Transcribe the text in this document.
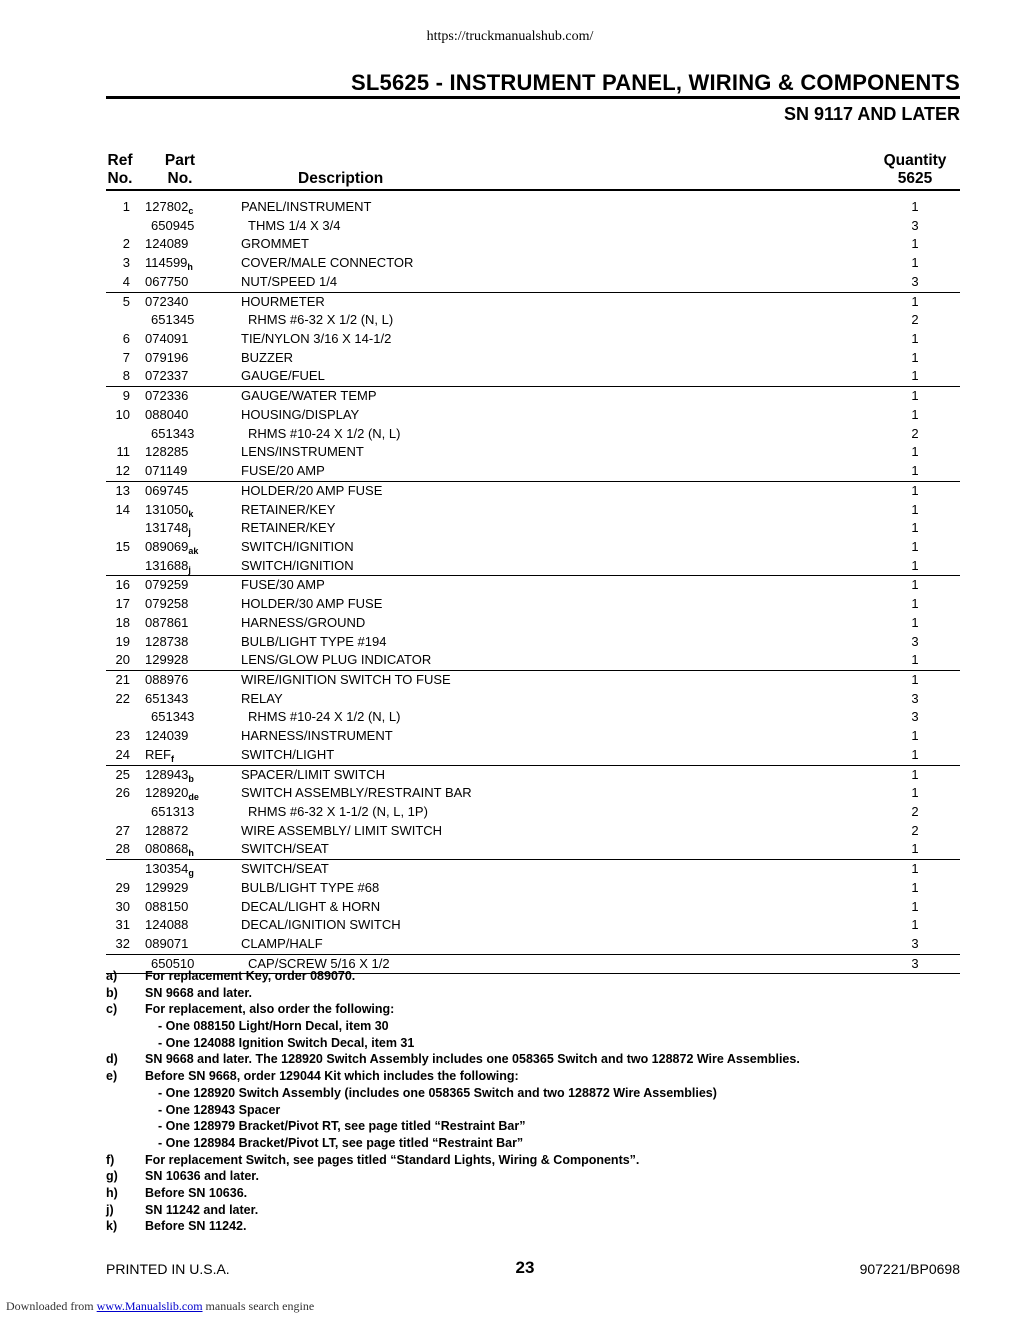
https://truckmanualshub.com/
SL5625 - INSTRUMENT PANEL, WIRING & COMPONENTS
SN 9117 AND LATER
Ref
No.
Part
No.	Description
Quantity
5625
1 $127802_c$	PANEL/INSTRUMENT	1
650945	THMS 1/4 X 3/4	3
2 124089	GROMMET	1
3 $114599_h$	COVER/MALE CONNECTOR	1
4 067750	NUT/SPEED 1/4	3
5 072340	HOURMETER	1
651345	RHMS #6-32 X 1/2 (N, L)	2
6 074091	TIE/NYLON 3/16 X 14-1/2	1
7 079196	BUZZER	1
8 072337	GAUGE/FUEL	1
9 072336	GAUGE/WATER TEMP	1
10 088040	HOUSING/DISPLAY	1
651343	RHMS #10-24 X 1/2 (N, L)	2
11 128285	LENS/INSTRUMENT	1
12 071149	FUSE/20 AMP	1
13 069745	HOLDER/20 AMP FUSE	1
14 $131050_k$	RETAINER/KEY	1
$131748_j$	RETAINER/KEY	1
15 $089069_{ak}$	SWITCH/IGNITION	1
$131688_j$	SWITCH/IGNITION	1
16 079259	FUSE/30 AMP	1
17 079258	HOLDER/30 AMP FUSE	1
18 087861	HARNESS/GROUND	1
19 128738	BULB/LIGHT TYPE #194	3
20 129928	LENS/GLOW PLUG INDICATOR	1
21 088976	WIRE/IGNITION SWITCH TO FUSE	1
22 651343	RELAY	3
651343	RHMS #10-24 X 1/2 (N, L)	3
23 124039	HARNESS/INSTRUMENT	1
24 $REF_f$	SWITCH/LIGHT	1
25 $128943_b$	SPACER/LIMIT SWITCH	1
26 $128920_{de}$	SWITCH ASSEMBLY/RESTRAINT BAR	1
651313	RHMS #6-32 X 1-1/2 (N, L, 1P)	2
27 128872	WIRE ASSEMBLY/ LIMIT SWITCH	2
28 $080868_h$	SWITCH/SEAT	1
$130354_g$	SWITCH/SEAT	1
29 129929	BULB/LIGHT TYPE #68	1
30 088150	DECAL/LIGHT & HORN	1
31 124088	DECAL/IGNITION SWITCH	1
32 089071	CLAMP/HALF	3
650510	CAP/SCREW 5/16 X 1/2	3
a) For replacement Key, order 089070.
b) SN 9668 and later.
c) For replacement, also order the following:
- One 088150 Light/Horn Decal, item 30
- One 124088 Ignition Switch Decal, item 31
d) SN 9668 and later. The 128920 Switch Assembly includes one 058365 Switch and two 128872 Wire Assemblies.
e) Before SN 9668, order 129044 Kit which includes the following:
- One 128920 Switch Assembly (includes one 058365 Switch and two 128872 Wire Assemblies)
- One 128943 Spacer
- One 128979 Bracket/Pivot RT, see page titled “Restraint Bar”
- One 128984 Bracket/Pivot LT, see page titled “Restraint Bar”
f) For replacement Switch, see pages titled “Standard Lights, Wiring & Components”.
g) SN 10636 and later.
h) Before SN 10636.
j)	SN 11242 and later.
k) Before SN 11242.
PRINTED IN U.S.A.	23	907221/BP0698
Downloaded from www.Manualslib.com manuals search engine
